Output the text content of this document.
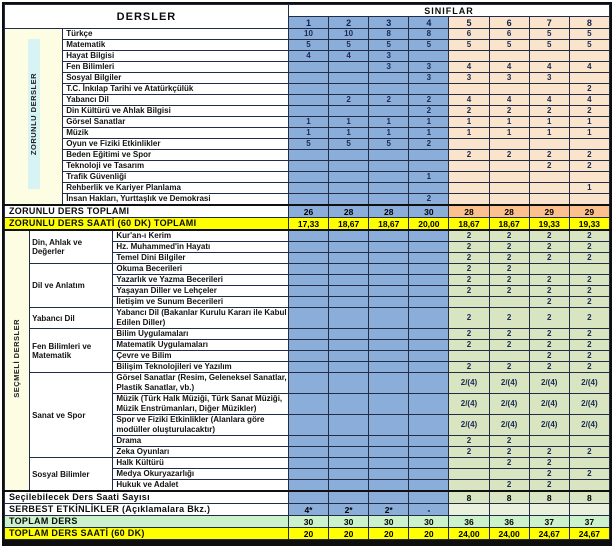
DERSLER				SINIFLAR							
				1	2	3	4	5	6	7	8
ZORUNLU DERSLER		Türkçe		10	10	8	8	6	6	5	5
		Matematik		5	5	5	5	5	5	5	5
		Hayat Bilgisi		4	4	3					
		Fen Bilimleri				3	3	4	4	4	4
		Sosyal Bilgiler					3	3	3	3	
		T.C. İnkılap Tarihi ve Atatürkçülük									2
		Yabancı Dil			2	2	2	4	4	4	4
		Din Kültürü ve Ahlak Bilgisi					2	2	2	2	2
		Görsel Sanatlar		1	1	1	1	1	1	1	1
		Müzik		1	1	1	1	1	1	1	1
		Oyun ve Fiziki Etkinlikler		5	5	5	2				
		Beden Eğitimi ve Spor						2	2	2	2
		Teknoloji ve Tasarım								2	2
		Trafik Güvenliği					1				
		Rehberlik ve Kariyer Planlama									1
		İnsan Hakları, Yurttaşlık ve Demokrasi					2				
ZORUNLU DERS TOPLAMI				26	28	28	30	28	28	29	29
ZORUNLU DERS SAATİ (60 DK) TOPLAMI				17,33	18,67	18,67	20,00	18,67	18,67	19,33	19,33
SEÇMELİ DERSLER	Din, Ahlak ve Değerler		Kur'an-ı Kerim					2	2	2	2
			Hz. Muhammed'in Hayatı					2	2	2	2
			Temel Dini Bilgiler					2	2	2	2
	Dil ve Anlatım		Okuma Becerileri					2	2		
			Yazarlık ve Yazma Becerileri					2	2	2	2
			Yaşayan Diller ve Lehçeler					2	2	2	2
			İletişim ve Sunum Becerileri							2	2
	Yabancı Dil		Yabancı Dil (Bakanlar Kurulu Kararı ile Kabul Edilen Diller)					2	2	2	2
	Fen Bilimleri ve Matematik		Bilim Uygulamaları					2	2	2	2
			Matematik Uygulamaları					2	2	2	2
			Çevre ve Bilim							2	2
			Bilişim Teknolojileri ve Yazılım					2	2	2	2
	Sanat ve Spor		Görsel Sanatlar (Resim, Geleneksel Sanatlar, Plastik Sanatlar, vb.)					2/(4)	2/(4)	2/(4)	2/(4)
			Müzik (Türk Halk Müziği, Türk Sanat Müziği, Müzik Enstrümanları, Diğer Müzikler)					2/(4)	2/(4)	2/(4)	2/(4)
			Spor ve Fiziki Etkinlikler (Alanlara göre modüller oluşturulacaktır)					2/(4)	2/(4)	2/(4)	2/(4)
			Drama					2	2		
			Zeka Oyunları					2	2	2	2
	Sosyal Bilimler		Halk Kültürü						2	2	
			Medya Okuryazarlığı							2	2
			Hukuk ve Adalet						2	2	
Seçilebilecek Ders Saati Sayısı								8	8	8	8
SERBEST ETKİNLİKLER (Açıklamalara Bkz.)				4*	2*	2*	-				
TOPLAM DERS				30	30	30	30	36	36	37	37
TOPLAM DERS SAATİ (60 DK)				20	20	20	20	24,00	24,00	24,67	24,67
